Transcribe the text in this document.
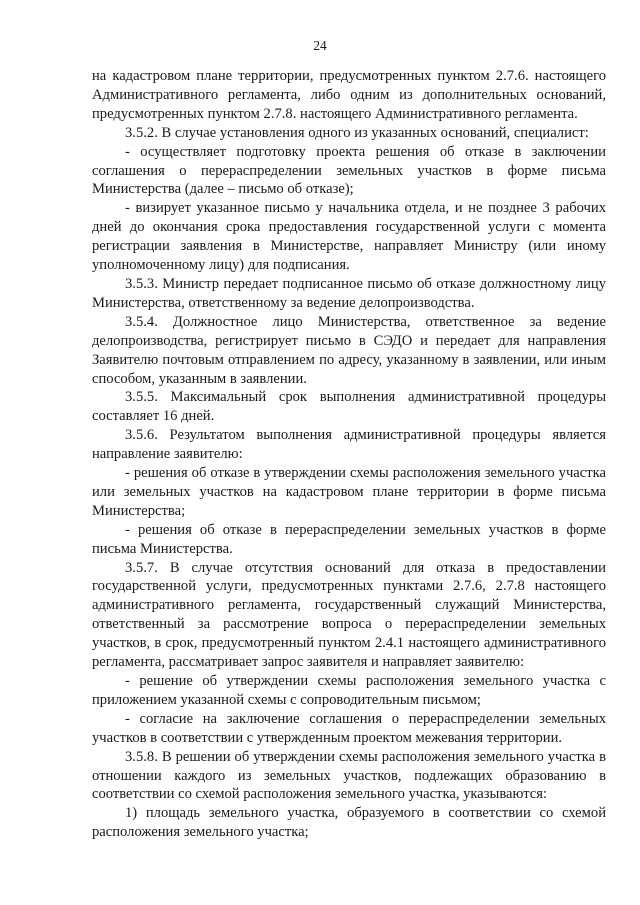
24

на кадастровом плане территории, предусмотренных пунктом 2.7.6. настоящего Административного регламента, либо одним из дополнительных оснований, предусмотренных пунктом 2.7.8. настоящего Административного регламента.

3.5.2. В случае установления одного из указанных оснований, специалист:

- осуществляет подготовку проекта решения об отказе в заключении соглашения о перераспределении земельных участков в форме письма Министерства (далее – письмо об отказе);

- визирует указанное письмо у начальника отдела, и не позднее 3 рабочих дней до окончания срока предоставления государственной услуги с момента регистрации заявления в Министерстве, направляет Министру (или иному уполномоченному лицу) для подписания.

3.5.3. Министр передает подписанное письмо об отказе должностному лицу Министерства, ответственному за ведение делопроизводства.

3.5.4. Должностное лицо Министерства, ответственное за ведение делопроизводства, регистрирует письмо в СЭДО и передает для направления Заявителю почтовым отправлением по адресу, указанному в заявлении, или иным способом, указанным в заявлении.

3.5.5. Максимальный срок выполнения административной процедуры составляет 16 дней.

3.5.6. Результатом выполнения административной процедуры является направление заявителю:

- решения об отказе в утверждении схемы расположения земельного участка или земельных участков на кадастровом плане территории в форме письма Министерства;

- решения об отказе в перераспределении земельных участков в форме письма Министерства.

3.5.7. В случае отсутствия оснований для отказа в предоставлении государственной услуги, предусмотренных пунктами 2.7.6, 2.7.8 настоящего административного регламента, государственный служащий Министерства, ответственный за рассмотрение вопроса о перераспределении земельных участков, в срок, предусмотренный пунктом 2.4.1 настоящего административного регламента, рассматривает запрос заявителя и направляет заявителю:

- решение об утверждении схемы расположения земельного участка с приложением указанной схемы с сопроводительным письмом;

- согласие на заключение соглашения о перераспределении земельных участков в соответствии с утвержденным проектом межевания территории.

3.5.8. В решении об утверждении схемы расположения земельного участка в отношении каждого из земельных участков, подлежащих образованию в соответствии со схемой расположения земельного участка, указываются:

1) площадь земельного участка, образуемого в соответствии со схемой расположения земельного участка;
